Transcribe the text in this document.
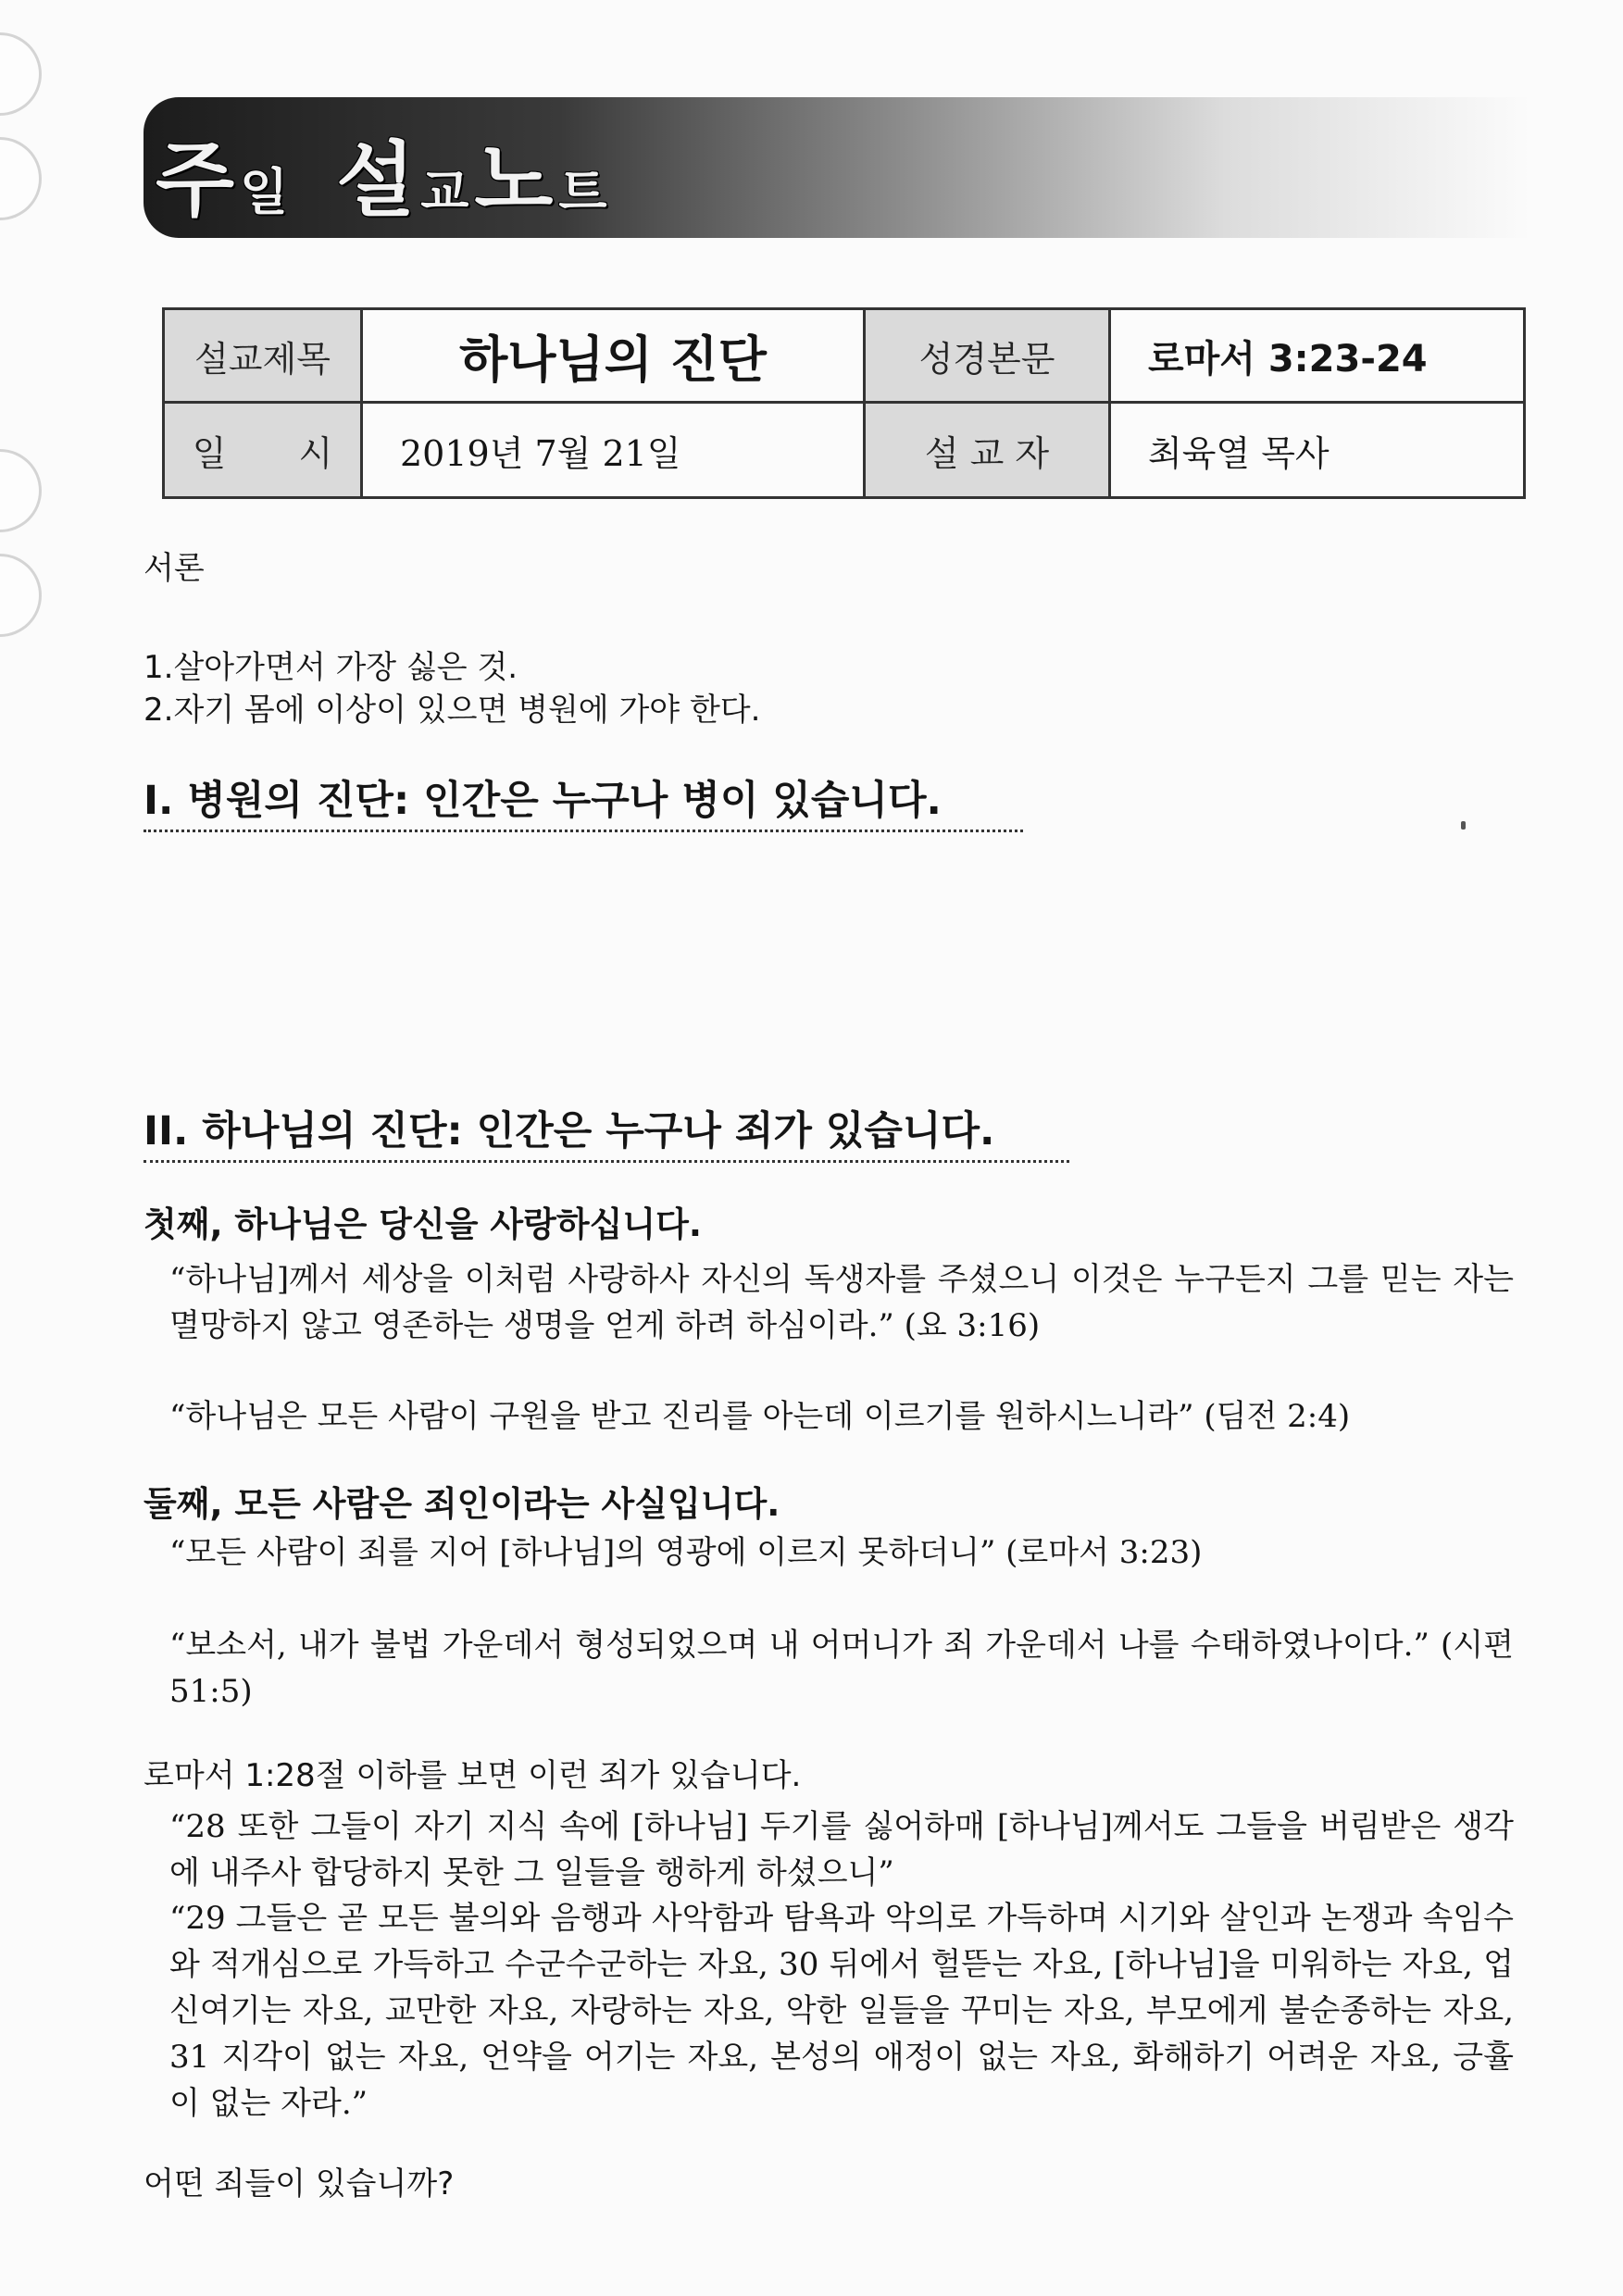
주 일 설 교 노 트
설교제목	하나님의 진단	성경본문	로마서 3:23-24
일 시	2019년 7월 21일	설 교 자	최육열 목사

서론

1.살아가면서 가장 싫은 것.

2.자기 몸에 이상이 있으면 병원에 가야 한다.

I. 병원의 진단: 인간은 누구나 병이 있습니다.
II. 하나님의 진단: 인간은 누구나 죄가 있습니다.

첫째, 하나님은 당신을 사랑하십니다.

“하나님]께서 세상을 이처럼 사랑하사 자신의 독생자를 주셨으니 이것은 누구든지 그를 믿는 자는 멸망하지 않고 영존하는 생명을 얻게 하려 하심이라.” (요 3:16)

“하나님은 모든 사람이 구원을 받고 진리를 아는데 이르기를 원하시느니라” (딤전 2:4)

둘째, 모든 사람은 죄인이라는 사실입니다.

“모든 사람이 죄를 지어 [하나님]의 영광에 이르지 못하더니” (로마서 3:23)

“보소서, 내가 불법 가운데서 형성되었으며 내 어머니가 죄 가운데서 나를 수태하였나이다.” (시편 51:5)

로마서 1:28절 이하를 보면 이런 죄가 있습니다.

“28 또한 그들이 자기 지식 속에 [하나님] 두기를 싫어하매 [하나님]께서도 그들을 버림받은 생각에 내주사 합당하지 못한 그 일들을 행하게 하셨으니”

“29 그들은 곧 모든 불의와 음행과 사악함과 탐욕과 악의로 가득하며 시기와 살인과 논쟁과 속임수와 적개심으로 가득하고 수군수군하는 자요, 30 뒤에서 헐뜯는 자요, [하나님]을 미워하는 자요, 업신여기는 자요, 교만한 자요, 자랑하는 자요, 악한 일들을 꾸미는 자요, 부모에게 불순종하는 자요, 31 지각이 없는 자요, 언약을 어기는 자요, 본성의 애정이 없는 자요, 화해하기 어려운 자요, 긍휼이 없는 자라.”

어떤 죄들이 있습니까?
